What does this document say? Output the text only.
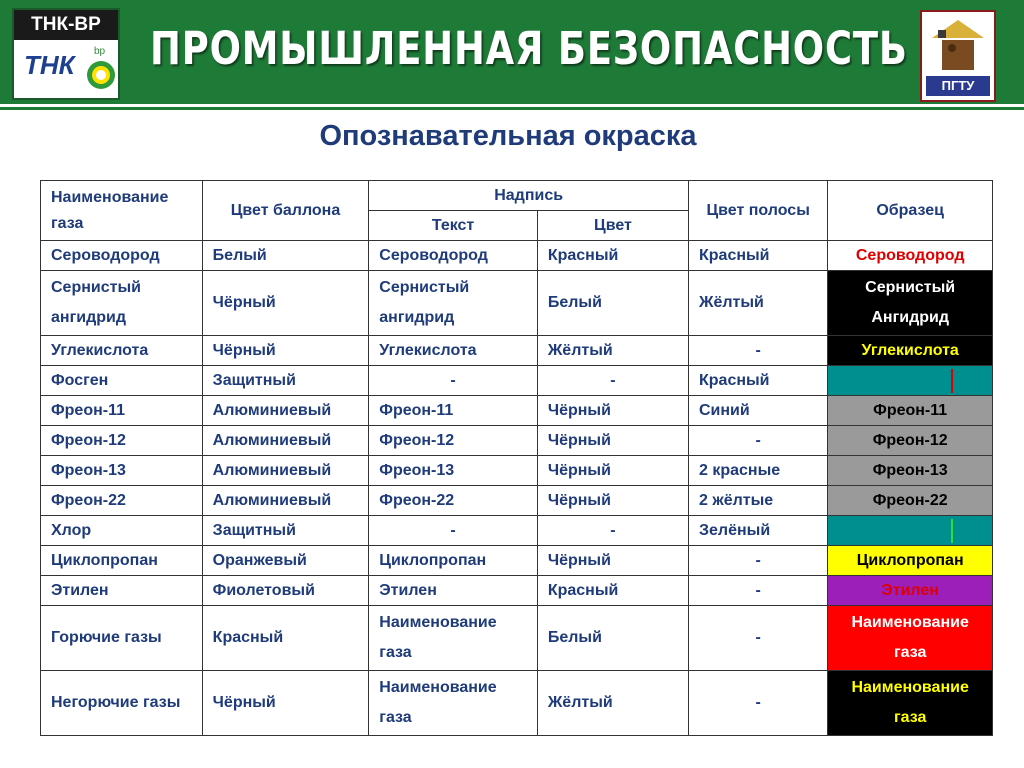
ТНК-ВР
ТНК bp ПРОМЫШЛЕННАЯ БЕЗОПАСНОСТЬ
ПГТУ
Опознавательная окраска
Наименование газа	Цвет баллона	Надпись		Цвет полосы	Образец
		Текст	Цвет		
Сероводород	Белый	Сероводород	Красный	Красный	Сероводород
Сернистый ангидрид	Чёрный	Сернистый ангидрид	Белый	Жёлтый	Сернистый Ангидрид
Углекислота	Чёрный	Углекислота	Жёлтый	-	Углекислота
Фосген	Защитный	-	-	Красный	

Фреон-11	Алюминиевый	Фреон-11	Чёрный	Синий	Фреон-11
Фреон-12	Алюминиевый	Фреон-12	Чёрный	-	Фреон-12
Фреон-13	Алюминиевый	Фреон-13	Чёрный	2 красные	Фреон-13
Фреон-22	Алюминиевый	Фреон-22	Чёрный	2 жёлтые	Фреон-22
Хлор	Защитный	-	-	Зелёный	

Циклопропан	Оранжевый	Циклопропан	Чёрный	-	Циклопропан
Этилен	Фиолетовый	Этилен	Красный	-	Этилен
Горючие газы	Красный	Наименование газа	Белый	-	Наименование газа
Негорючие газы	Чёрный	Наименование газа	Жёлтый	-	Наименование газа
